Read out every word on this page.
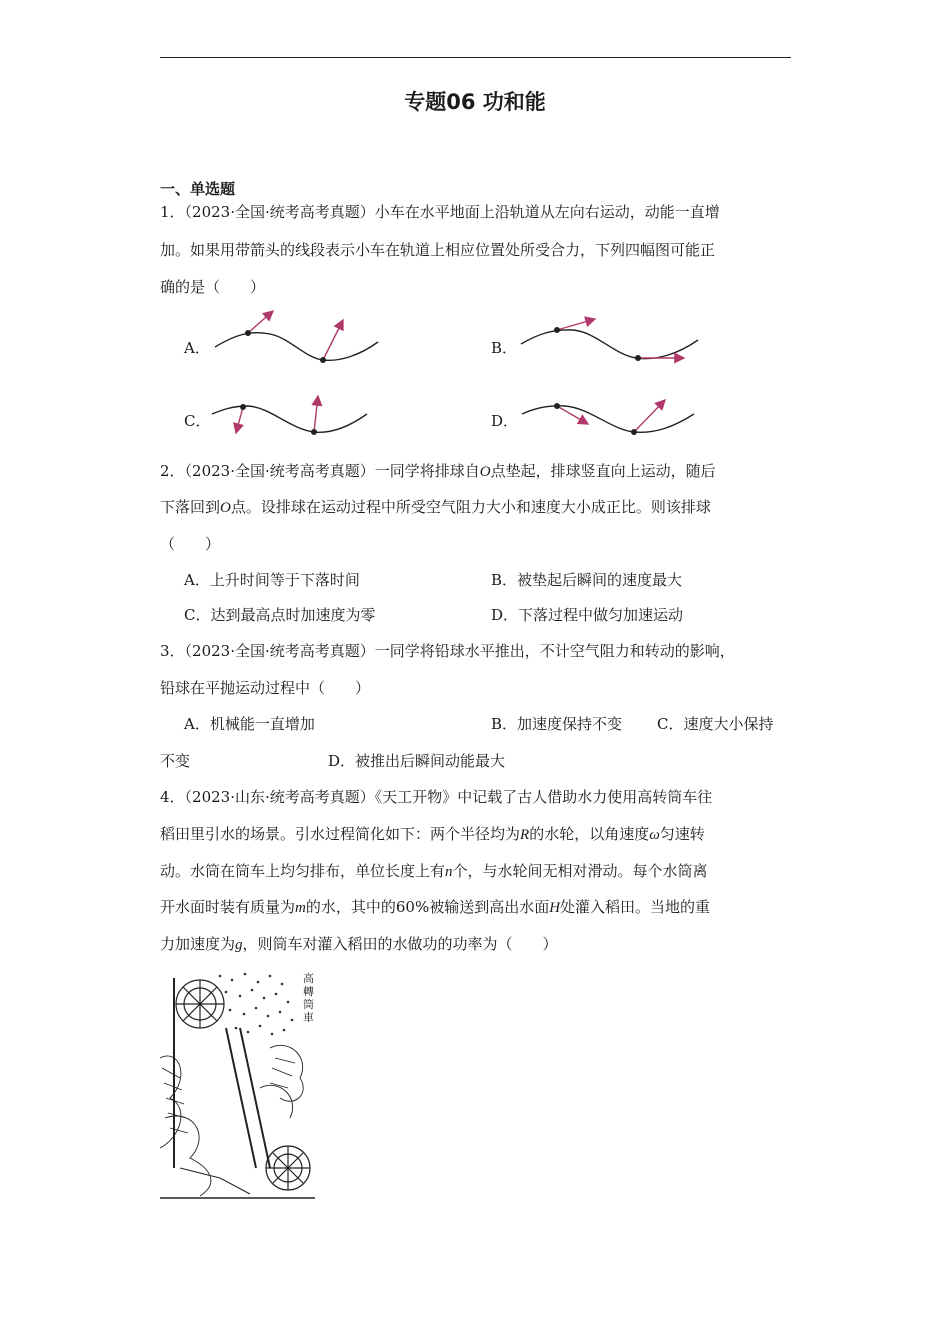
专题06 功和能
一、单选题
1．（2023·全国·统考高考真题）小车在水平地面上沿轨道从左向右运动，动能一直增
加。如果用带箭头的线段表示小车在轨道上相应位置处所受合力，下列四幅图可能正
确的是（　　）
A．	B．
C．	D．
2．（2023·全国·统考高考真题）一同学将排球自O点垫起，排球竖直向上运动，随后
下落回到O点。设排球在运动过程中所受空气阻力大小和速度大小成正比。则该排球
（　　）
A．上升时间等于下落时间	B．被垫起后瞬间的速度最大
C．达到最高点时加速度为零	D．下落过程中做匀加速运动
3．（2023·全国·统考高考真题）一同学将铅球水平推出，不计空气阻力和转动的影响，
铅球在平抛运动过程中（　　）
A．机械能一直增加	B．加速度保持不变 C．速度大小保持
不变	D．被推出后瞬间动能最大
4．（2023·山东·统考高考真题）《天工开物》中记载了古人借助水力使用高转筒车往
稻田里引水的场景。引水过程简化如下：两个半径均为R的水轮，以角速度ω匀速转
动。水筒在筒车上均匀排布，单位长度上有n个，与水轮间无相对滑动。每个水筒离
开水面时装有质量为m的水，其中的60%被输送到高出水面H处灌入稻田。当地的重
力加速度为g，则筒车对灌入稻田的水做功的功率为（　　）
高
轉
筒
車
